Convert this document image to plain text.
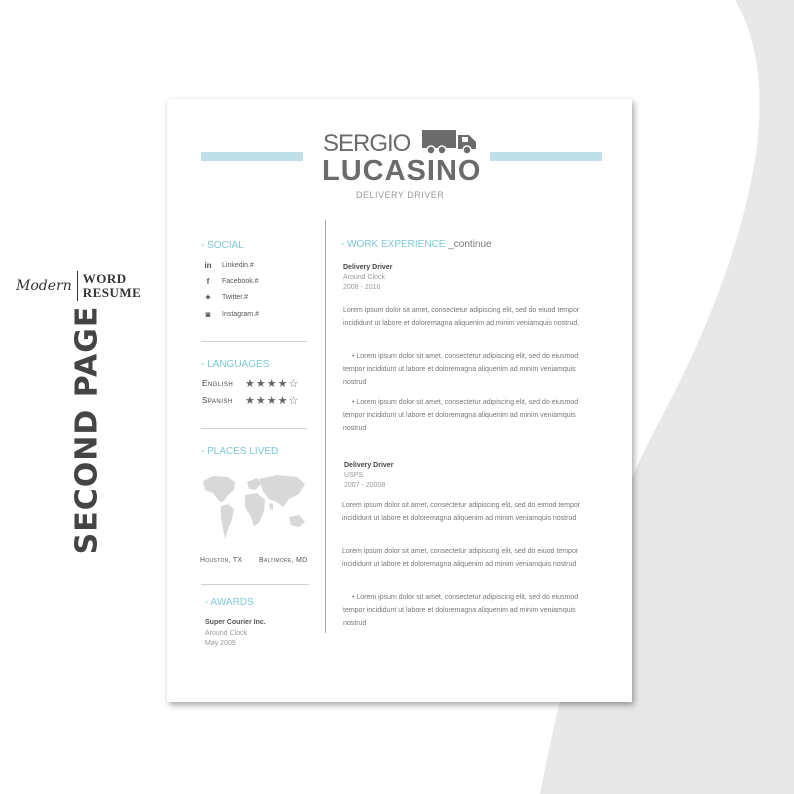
Modern WORD
RESUME
SECOND PAGE
SERGIO
LUCASINO
DELIVERY DRIVER
- SOCIAL
in	Linkedin.#
f	Facebook.#
✦	Twitter.#
◙	Instagram.#
- LANGUAGES
English	★★★★☆
Spanish	★★★★☆
- PLACES LIVED
Houston, TX Baltimore, MD
- AWARDS
Super Courier Inc.
Around Clock
May 2009
- WORK EXPERIENCE _continue
Delivery Driver
Around Clock
2008 - 2010
Lorem ipsum dolor sit amet, consectetur adipiscing elit, sed do eiuod tempor incididunt ut labore et doloremagna aliquenim ad minim veniamquis nostrud.
• Lorem ipsum dolor sit amet, consectetur adipiscing elit, sed do eiusmod tempor incididunt ut labore et doloremagna aliquenim ad minim veniamquis nostrud
• Lorem ipsum dolor sit amet, consectetur adipiscing elit, sed do eiusmod tempor incididunt ut labore et doloremagna aliquenim ad minim veniamquis nostrud
Delivery Driver
USPS
2007 - 20008
Lorem ipsum dolor sit amet, consectetur adipiscing elit, sed do eimod tempor incididunt ut labore et doloremagna aliquenim ad minim veniamquis nostrud
Lorem ipsum dolor sit amet, consectetur adipiscing elit, sed do eiuod tempor incididunt ut labore et doloremagna aliquenim ad minim veniamquis nostrud
• Lorem ipsum dolor sit amet, consectetur adipiscing elit, sed do eiusmod tempor incididunt ut labore et doloremagna aliquenim ad minim veniamquis nostrud
